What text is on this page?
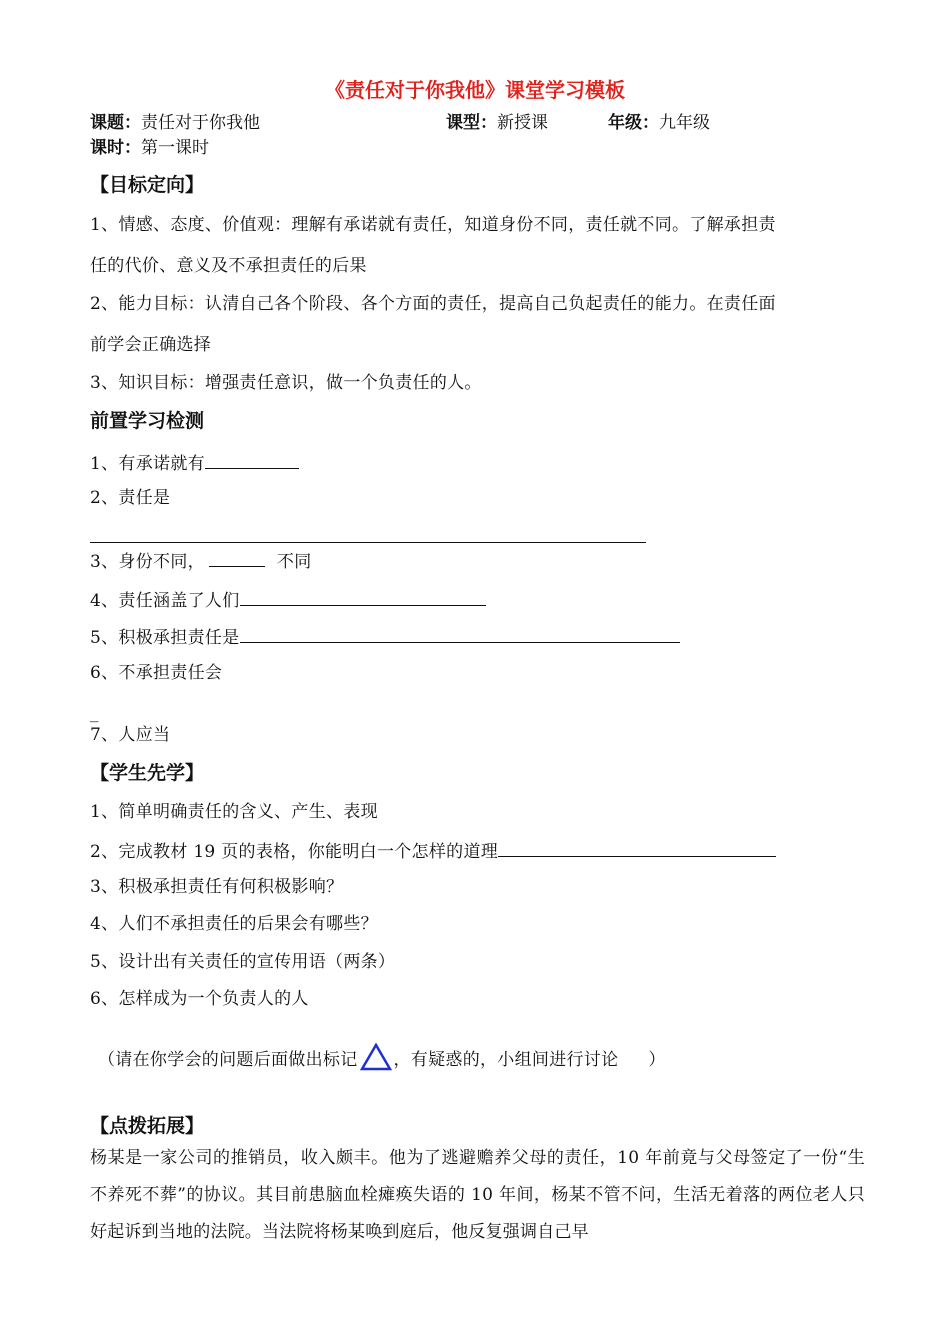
《责任对于你我他》课堂学习模板
课题：责任对于你我他	课型：新授课	年级：九年级
课时：第一课时
【目标定向】
1、情感、态度、价值观：理解有承诺就有责任，知道身份不同，责任就不同。了解承担责
任的代价、意义及不承担责任的后果
2、能力目标：认清自己各个阶段、各个方面的责任，提高自己负起责任的能力。在责任面
前学会正确选择
3、知识目标：增强责任意识，做一个负责任的人。
前置学习检测
1、有承诺就有
2、责任是
3、身份不同，	不同
4、责任涵盖了人们
5、积极承担责任是
6、不承担责任会
_
7、人应当
【学生先学】
1、简单明确责任的含义、产生、表现
2、完成教材 19 页的表格，你能明白一个怎样的道理
3、积极承担责任有何积极影响？
4、人们不承担责任的后果会有哪些？
5、设计出有关责任的宣传用语（两条）
6、怎样成为一个负责人的人
（请在你学会的问题后面做出标记 ，有疑惑的，小组间进行讨论 ）
【点拨拓展】
杨某是一家公司的推销员，收入颇丰。他为了逃避赡养父母的责任，10 年前竟与父母签定了一份“生不养死不葬”的协议。其目前患脑血栓瘫痪失语的 10 年间，杨某不管不问，生活无着落的两位老人只好起诉到当地的法院。当法院将杨某唤到庭后，他反复强调自己早
